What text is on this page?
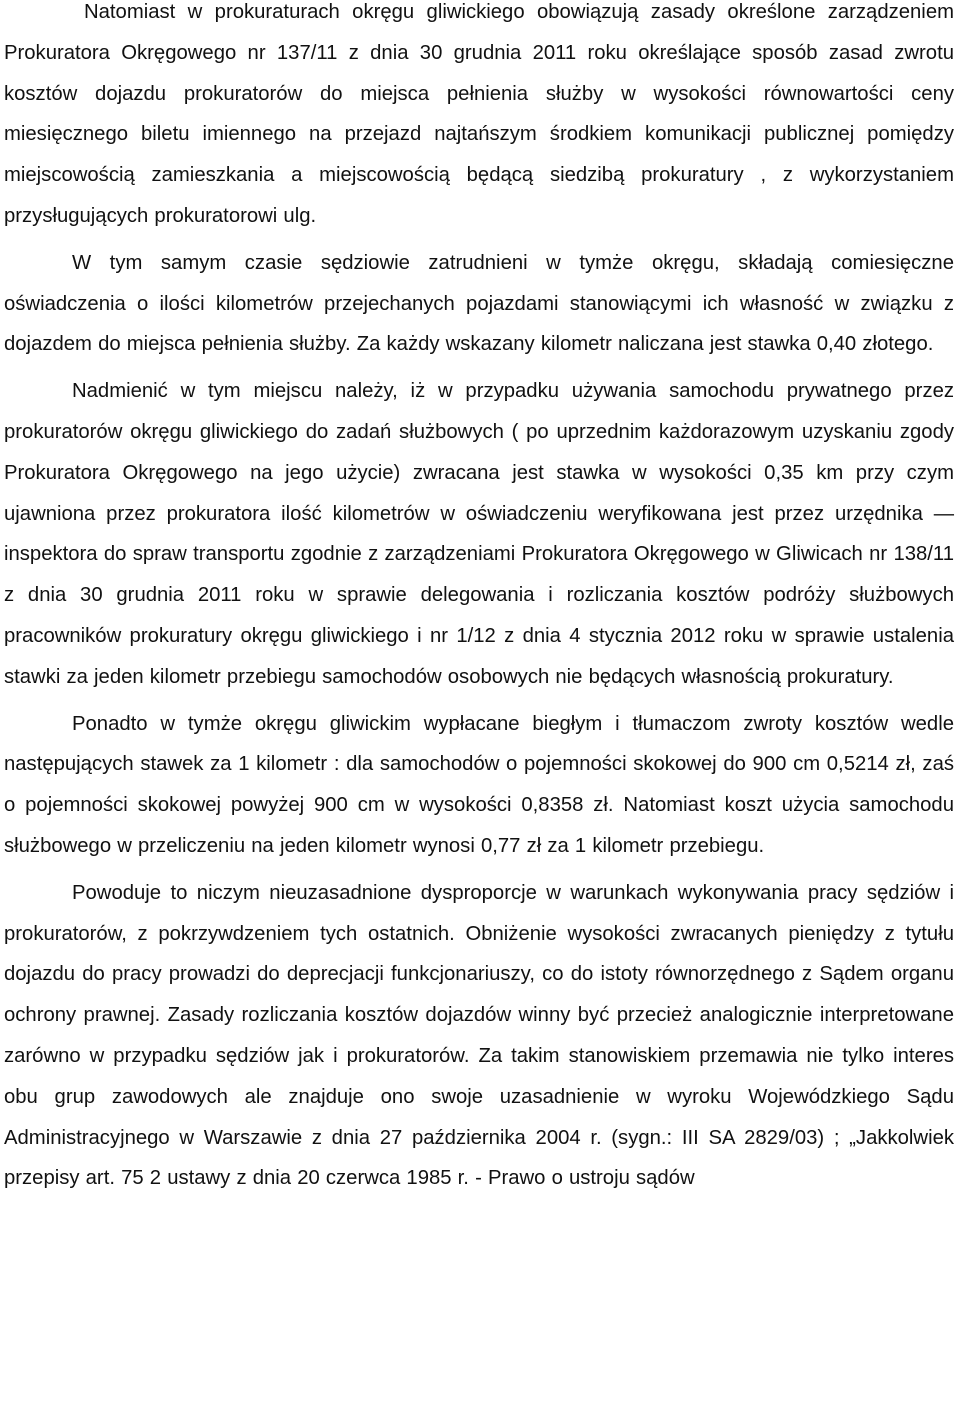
Natomiast w prokuraturach okręgu gliwickiego obowiązują zasady określone zarządzeniem Prokuratora Okręgowego nr 137/11 z dnia 30 grudnia 2011 roku określające sposób zasad zwrotu kosztów dojazdu prokuratorów do miejsca pełnienia służby w wysokości równowartości ceny miesięcznego biletu imiennego na przejazd najtańszym środkiem komunikacji publicznej pomiędzy miejscowością zamieszkania a miejscowością będącą siedzibą prokuratury , z wykorzystaniem przysługujących prokuratorowi ulg.

W tym samym czasie sędziowie zatrudnieni w tymże okręgu, składają comiesięczne oświadczenia o ilości kilometrów przejechanych pojazdami stanowiącymi ich własność w związku z dojazdem do miejsca pełnienia służby. Za każdy wskazany kilometr naliczana jest stawka 0,40 złotego.

Nadmienić w tym miejscu należy, iż w przypadku używania samochodu prywatnego przez prokuratorów okręgu gliwickiego do zadań służbowych ( po uprzednim każdorazowym uzyskaniu zgody Prokuratora Okręgowego na jego użycie) zwracana jest stawka w wysokości 0,35 km przy czym ujawniona przez prokuratora ilość kilometrów w oświadczeniu weryfikowana jest przez urzędnika — inspektora do spraw transportu zgodnie z zarządzeniami Prokuratora Okręgowego w Gliwicach nr 138/11 z dnia 30 grudnia 2011 roku w sprawie delegowania i rozliczania kosztów podróży służbowych pracowników prokuratury okręgu gliwickiego i nr 1/12 z dnia 4 stycznia 2012 roku w sprawie ustalenia stawki za jeden kilometr przebiegu samochodów osobowych nie będących własnością prokuratury.

Ponadto w tymże okręgu gliwickim wypłacane biegłym i tłumaczom zwroty kosztów wedle następujących stawek za 1 kilometr : dla samochodów o pojemności skokowej do 900 cm 0,5214 zł, zaś o pojemności skokowej powyżej 900 cm w wysokości 0,8358 zł. Natomiast koszt użycia samochodu służbowego w przeliczeniu na jeden kilometr wynosi 0,77 zł za 1 kilometr przebiegu.

Powoduje to niczym nieuzasadnione dysproporcje w warunkach wykonywania pracy sędziów i prokuratorów, z pokrzywdzeniem tych ostatnich. Obniżenie wysokości zwracanych pieniędzy z tytułu dojazdu do pracy prowadzi do deprecjacji funkcjonariuszy, co do istoty równorzędnego z Sądem organu ochrony prawnej. Zasady rozliczania kosztów dojazdów winny być przecież analogicznie interpretowane zarówno w przypadku sędziów jak i prokuratorów. Za takim stanowiskiem przemawia nie tylko interes obu grup zawodowych ale znajduje ono swoje uzasadnienie w wyroku Wojewódzkiego Sądu Administracyjnego w Warszawie z dnia 27 października 2004 r. (sygn.: III SA 2829/03) ; „Jakkolwiek przepisy art. 75 2 ustawy z dnia 20 czerwca 1985 r. - Prawo o ustroju sądów
